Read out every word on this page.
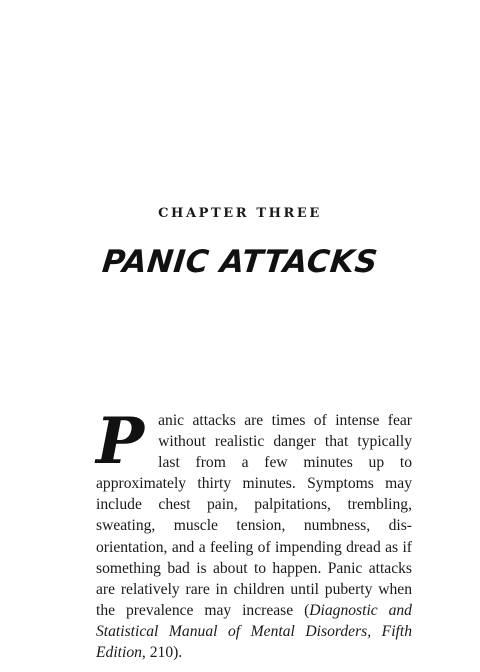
CHAPTER THREE
PANIC ATTACKS
Panic attacks are times of intense fear without realistic danger that typically last from a few minutes up to approximately thirty minutes. Symptoms may include chest pain, palpitations, trembling, sweating, muscle tension, numbness, disorientation, and a feeling of impending dread as if something bad is about to happen. Panic attacks are relatively rare in children until puberty when the prevalence may increase (Diagnostic and Statistical Manual of Mental Disorders, Fifth Edition, 210).
